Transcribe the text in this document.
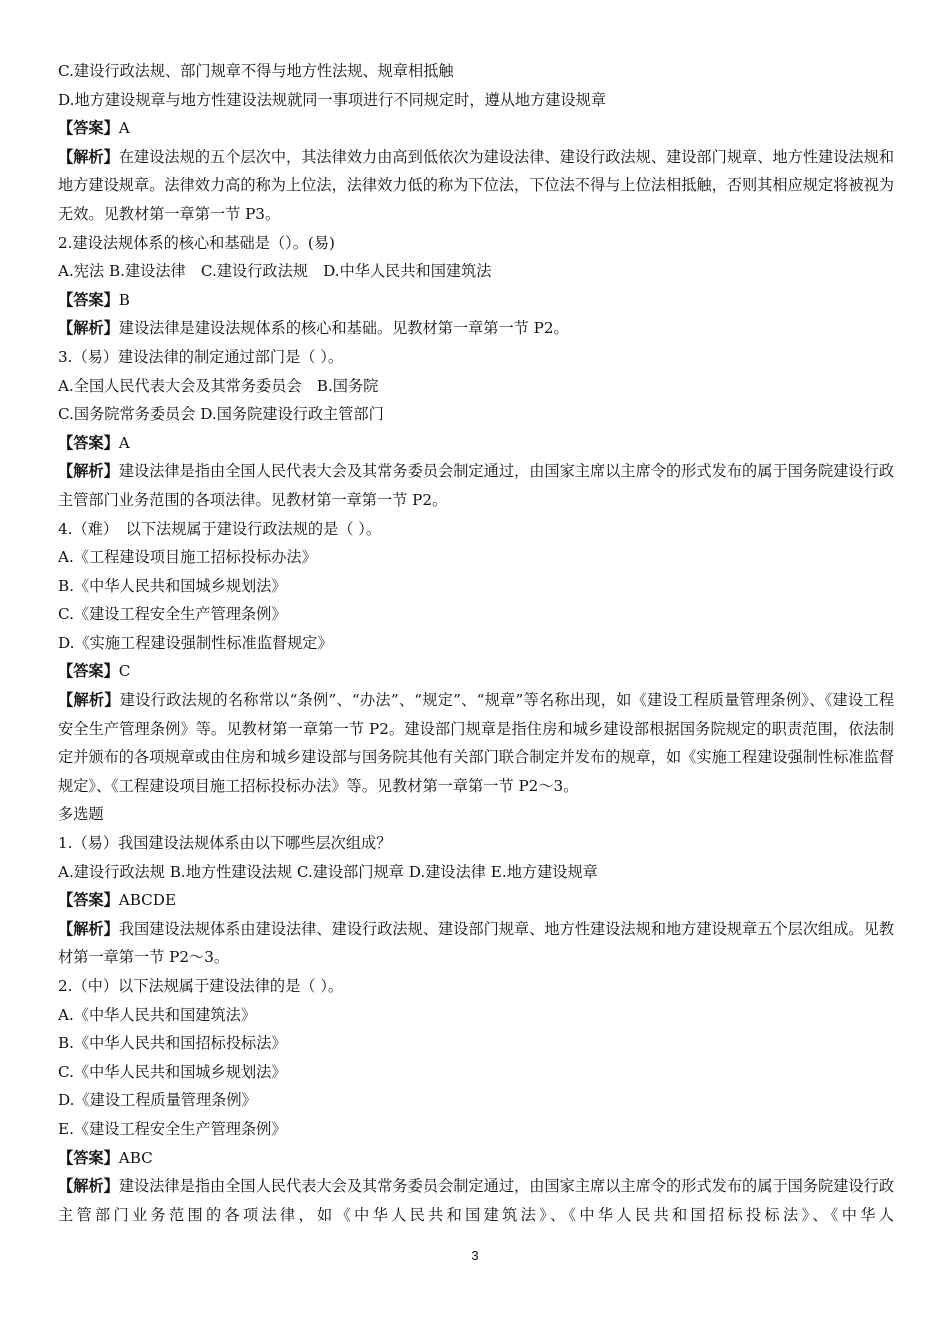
C.建设行政法规、部门规章不得与地方性法规、规章相抵触
D.地方建设规章与地方性建设法规就同一事项进行不同规定时，遵从地方建设规章
【答案】A
【解析】在建设法规的五个层次中，其法律效力由高到低依次为建设法律、建设行政法规、建设部门规章、地方性建设法规和地方建设规章。法律效力高的称为上位法，法律效力低的称为下位法，下位法不得与上位法相抵触，否则其相应规定将被视为无效。见教材第一章第一节 P3。
2.建设法规体系的核心和基础是（）。(易)
A.宪法 B.建设法律　C.建设行政法规　D.中华人民共和国建筑法
【答案】B
【解析】建设法律是建设法规体系的核心和基础。见教材第一章第一节 P2。
3.（易）建设法律的制定通过部门是（ ）。
A.全国人民代表大会及其常务委员会　B.国务院
C.国务院常务委员会 D.国务院建设行政主管部门
【答案】A
【解析】建设法律是指由全国人民代表大会及其常务委员会制定通过，由国家主席以主席令的形式发布的属于国务院建设行政主管部门业务范围的各项法律。见教材第一章第一节 P2。
4.（难）　以下法规属于建设行政法规的是（ ）。
A.《工程建设项目施工招标投标办法》
B.《中华人民共和国城乡规划法》
C.《建设工程安全生产管理条例》
D.《实施工程建设强制性标准监督规定》
【答案】C
【解析】建设行政法规的名称常以“条例”、“办法”、“规定”、“规章”等名称出现，如《建设工程质量管理条例》、《建设工程安全生产管理条例》等。见教材第一章第一节 P2。建设部门规章是指住房和城乡建设部根据国务院规定的职责范围，依法制定并颁布的各项规章或由住房和城乡建设部与国务院其他有关部门联合制定并发布的规章，如《实施工程建设强制性标准监督规定》、《工程建设项目施工招标投标办法》等。见教材第一章第一节 P2～3。
多选题
1.（易）我国建设法规体系由以下哪些层次组成？
A.建设行政法规 B.地方性建设法规 C.建设部门规章 D.建设法律 E.地方建设规章
【答案】ABCDE
【解析】我国建设法规体系由建设法律、建设行政法规、建设部门规章、地方性建设法规和地方建设规章五个层次组成。见教材第一章第一节 P2～3。
2.（中）以下法规属于建设法律的是（ ）。
A.《中华人民共和国建筑法》
B.《中华人民共和国招标投标法》
C.《中华人民共和国城乡规划法》
D.《建设工程质量管理条例》
E.《建设工程安全生产管理条例》
【答案】ABC
【解析】建设法律是指由全国人民代表大会及其常务委员会制定通过，由国家主席以主席令的形式发布的属于国务院建设行政主管部门业务范围的各项法律，如《中华人民共和国建筑法》、《中华人民共和国招标投标法》、《中华人
3
